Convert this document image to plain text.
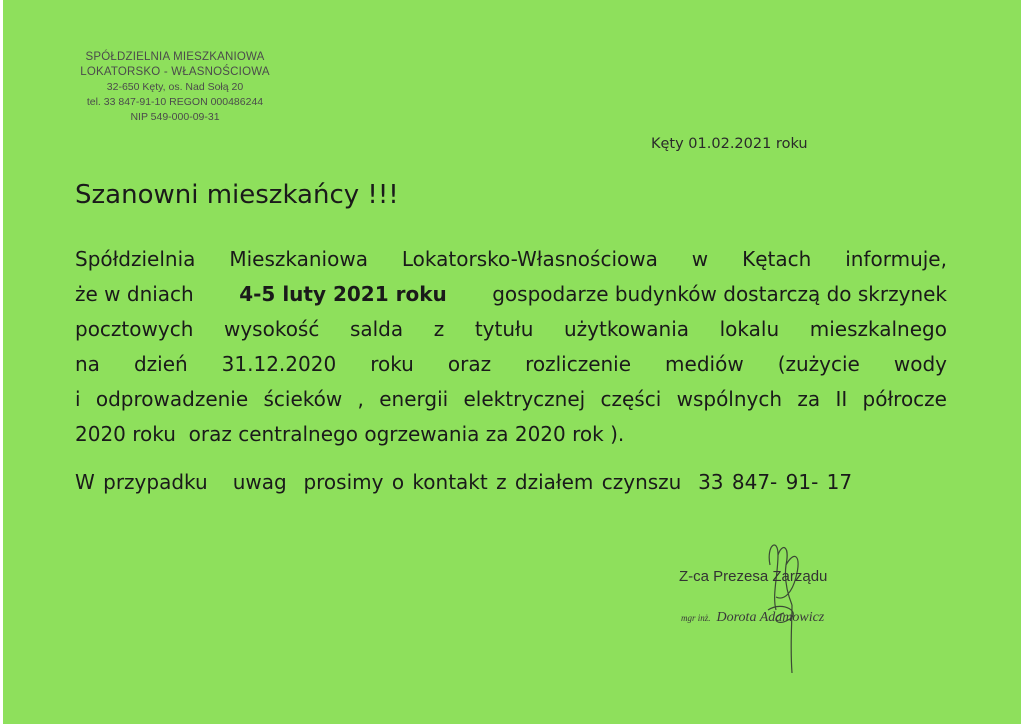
SPÓŁDZIELNIA MIESZKANIOWA
LOKATORSKO - WŁASNOŚCIOWA
32-650 Kęty, os. Nad Sołą 20
tel. 33 847-91-10 REGON 000486244
NIP 549-000-09-31
Kęty 01.02.2021 roku
Szanowni mieszkańcy !!!
Spółdzielnia Mieszkaniowa Lokatorsko-Własnościowa w Kętach informuje,
że w dniach 4-5 luty 2021 roku gospodarze budynków dostarczą do skrzynek
pocztowych wysokość salda z tytułu użytkowania lokalu mieszkalnego
na dzień 31.12.2020 roku oraz rozliczenie mediów (zużycie wody
i odprowadzenie ścieków , energii elektrycznej części wspólnych za II półrocze
2020 roku  oraz centralnego ogrzewania za 2020 rok ).
W przypadku   uwag  prosimy o kontakt z działem czynszu  33 847- 91- 17
Z-ca Prezesa Zarządu
mgr inż. Dorota Adamowicz
